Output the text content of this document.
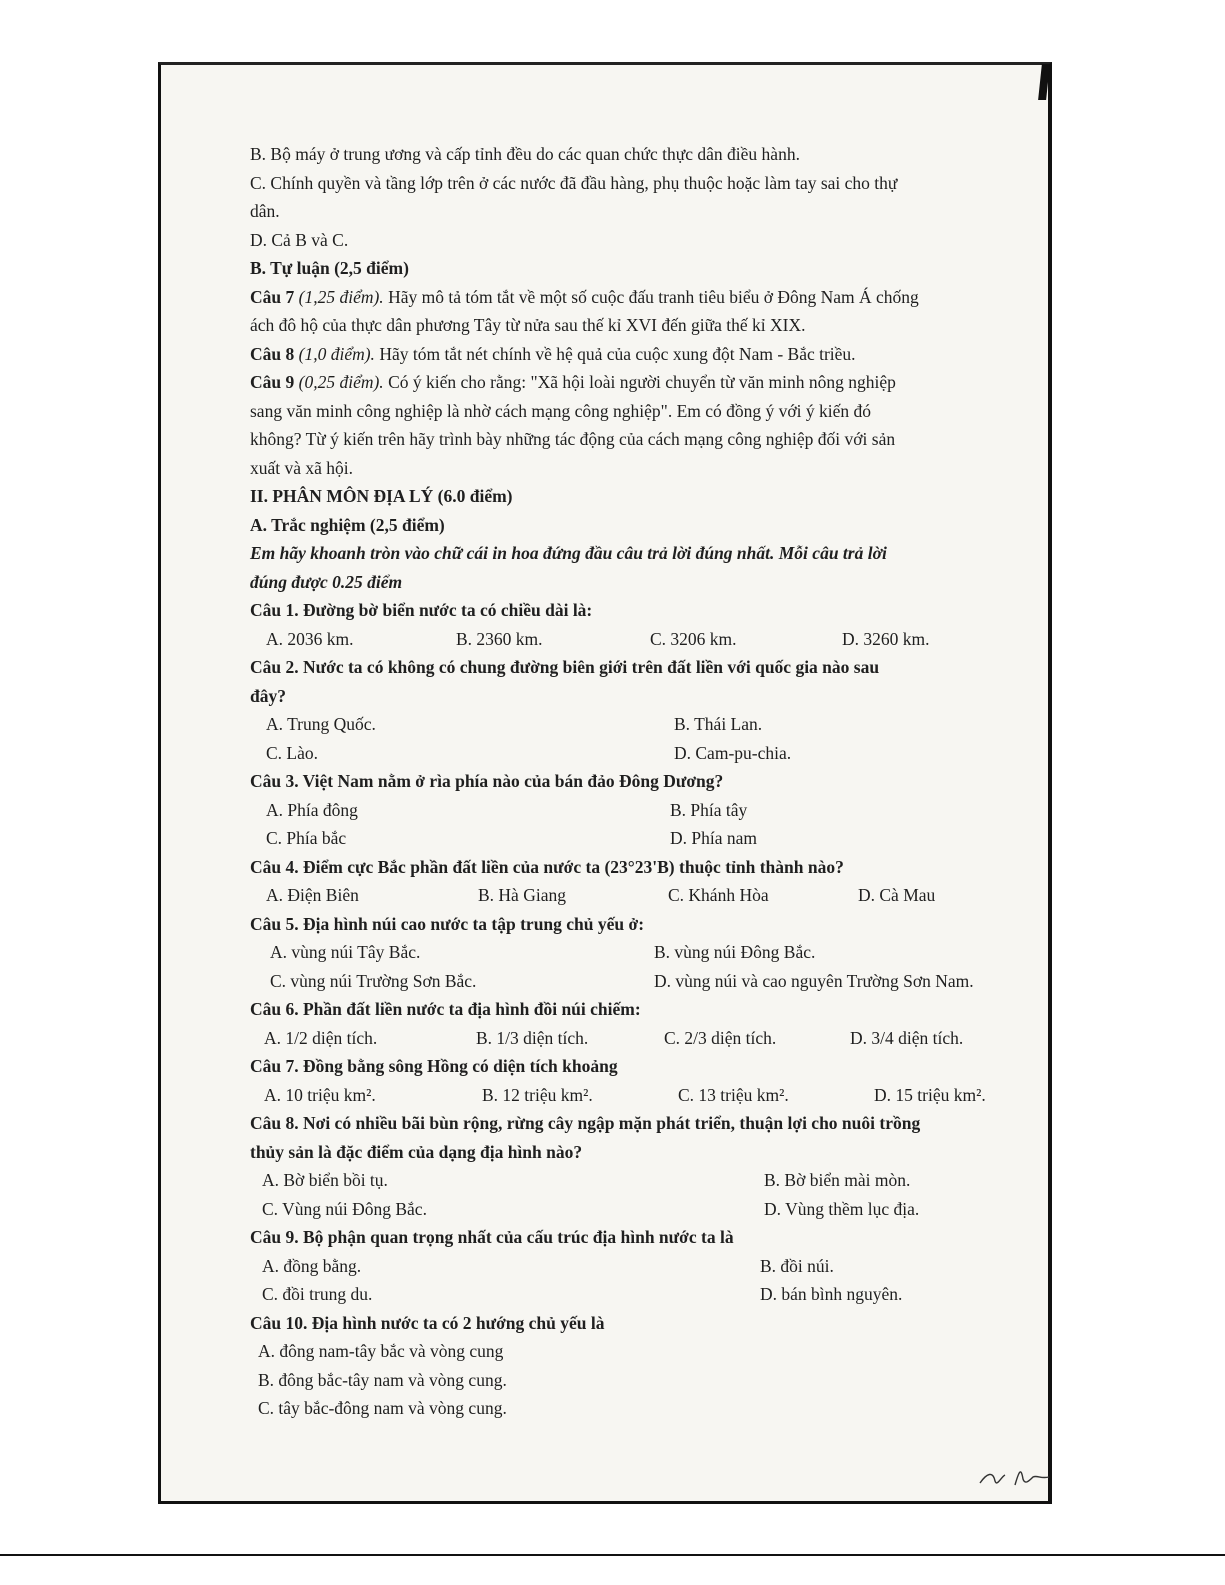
B. Bộ máy ở trung ương và cấp tỉnh đều do các quan chức thực dân điều hành.
C. Chính quyền và tầng lớp trên ở các nước đã đầu hàng, phụ thuộc hoặc làm tay sai cho thự
dân.
D. Cả B và C.
B. Tự luận (2,5 điểm)
Câu 7 (1,25 điểm). Hãy mô tả tóm tắt về một số cuộc đấu tranh tiêu biểu ở Đông Nam Á chống
ách đô hộ của thực dân phương Tây từ nửa sau thế kỉ XVI đến giữa thế kỉ XIX.
Câu 8 (1,0 điểm). Hãy tóm tắt nét chính về hệ quả của cuộc xung đột Nam - Bắc triều.
Câu 9 (0,25 điểm). Có ý kiến cho rằng: "Xã hội loài người chuyển từ văn minh nông nghiệp
sang văn minh công nghiệp là nhờ cách mạng công nghiệp". Em có đồng ý với ý kiến đó
không? Từ ý kiến trên hãy trình bày những tác động của cách mạng công nghiệp đối với sản
xuất và xã hội.
II. PHÂN MÔN ĐỊA LÝ (6.0 điểm)
A. Trắc nghiệm (2,5 điểm)
Em hãy khoanh tròn vào chữ cái in hoa đứng đầu câu trả lời đúng nhất. Mỗi câu trả lời
đúng được 0.25 điểm
Câu 1. Đường bờ biển nước ta có chiều dài là:
A. 2036 km.	B. 2360 km.	C. 3206 km.	D. 3260 km.
Câu 2. Nước ta có không có chung đường biên giới trên đất liền với quốc gia nào sau
đây?
A. Trung Quốc.	B. Thái Lan.
C. Lào.	D. Cam-pu-chia.
Câu 3. Việt Nam nằm ở rìa phía nào của bán đảo Đông Dương?
A. Phía đông	B. Phía tây
C. Phía bắc	D. Phía nam
Câu 4. Điểm cực Bắc phần đất liền của nước ta (23°23'B) thuộc tỉnh thành nào?
A. Điện Biên	B. Hà Giang	C. Khánh Hòa	D. Cà Mau
Câu 5. Địa hình núi cao nước ta tập trung chủ yếu ở:
A. vùng núi Tây Bắc.	B. vùng núi Đông Bắc.
C. vùng núi Trường Sơn Bắc.	D. vùng núi và cao nguyên Trường Sơn Nam.
Câu 6. Phần đất liền nước ta địa hình đồi núi chiếm:
A. 1/2 diện tích.	B. 1/3 diện tích.	C. 2/3 diện tích.	D. 3/4 diện tích.
Câu 7. Đồng bằng sông Hồng có diện tích khoảng
A. 10 triệu km².	B. 12 triệu km².	C. 13 triệu km².	D. 15 triệu km².
Câu 8. Nơi có nhiều bãi bùn rộng, rừng cây ngập mặn phát triển, thuận lợi cho nuôi trồng
thủy sản là đặc điểm của dạng địa hình nào?
A. Bờ biển bồi tụ.	B. Bờ biển mài mòn.
C. Vùng núi Đông Bắc.	D. Vùng thềm lục địa.
Câu 9. Bộ phận quan trọng nhất của cấu trúc địa hình nước ta là
A. đồng bằng.	B. đồi núi.
C. đồi trung du.	D. bán bình nguyên.
Câu 10. Địa hình nước ta có 2 hướng chủ yếu là
A. đông nam-tây bắc và vòng cung
B. đông bắc-tây nam và vòng cung.
C. tây bắc-đông nam và vòng cung.
